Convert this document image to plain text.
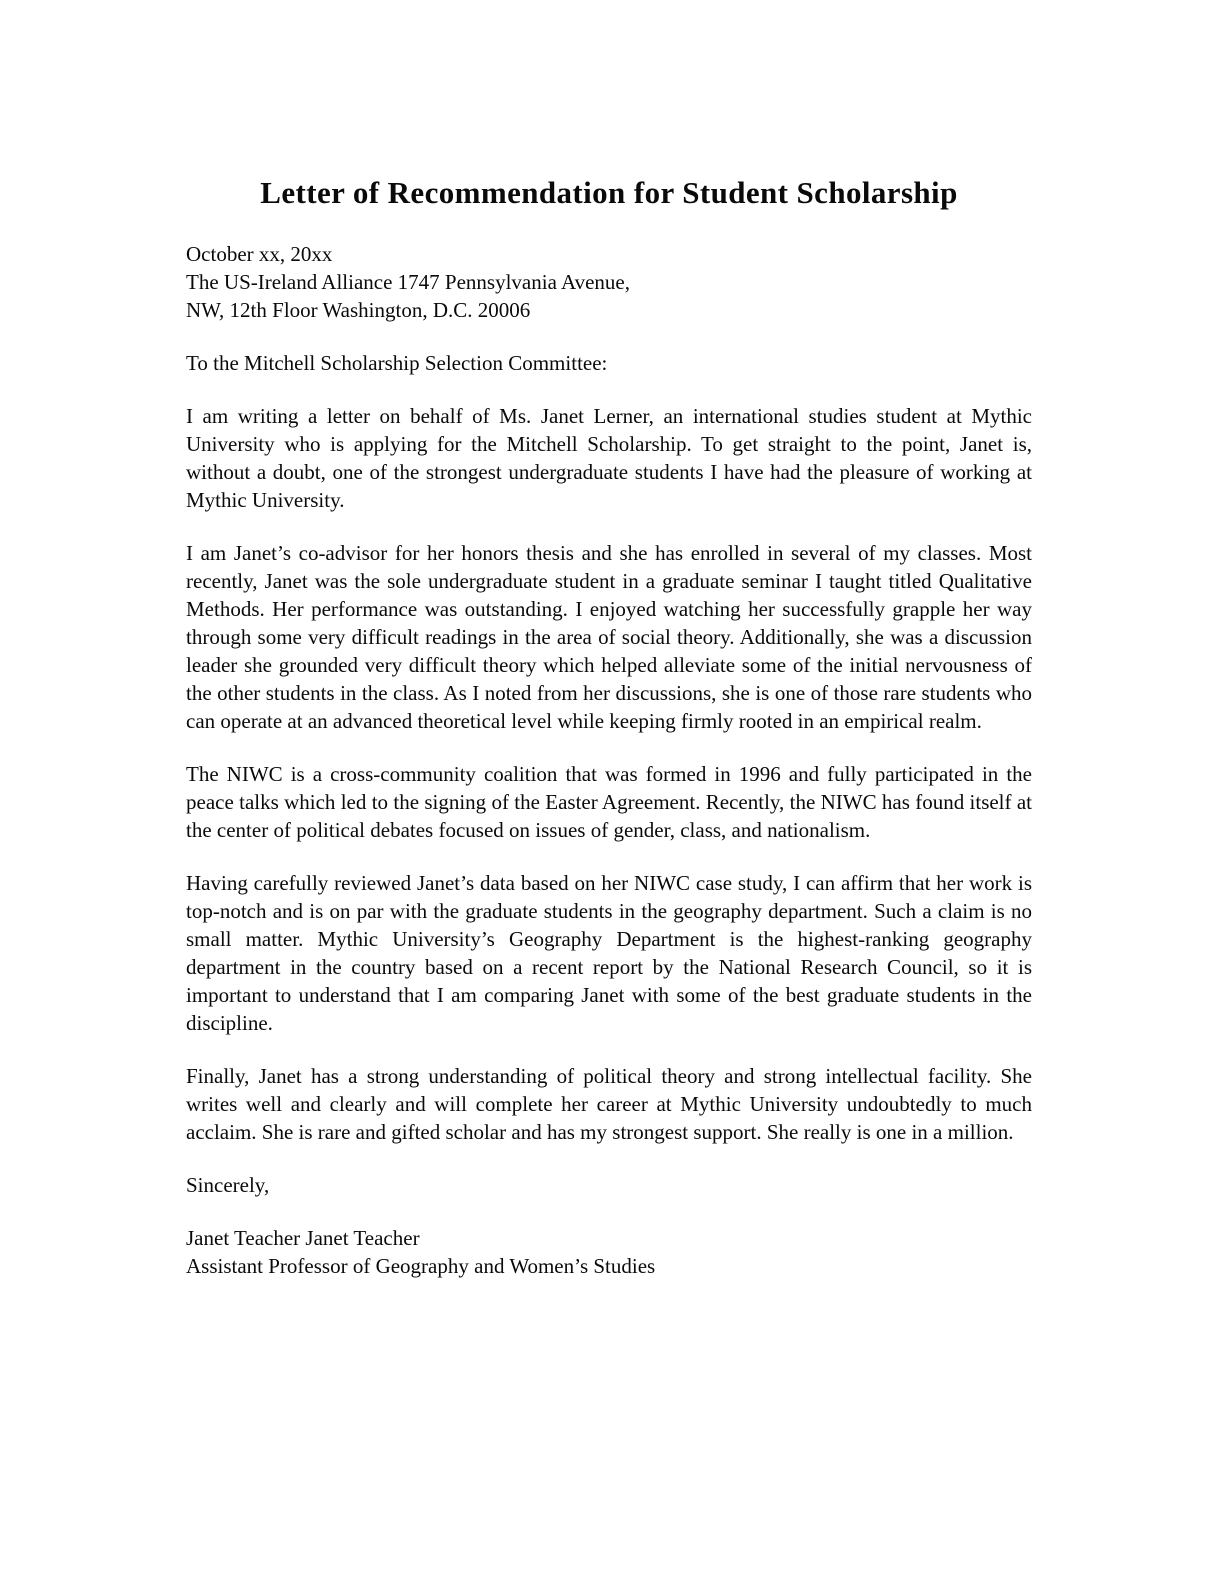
Letter of Recommendation for Student Scholarship
October xx, 20xx
The US-Ireland Alliance 1747 Pennsylvania Avenue,
NW, 12th Floor Washington, D.C. 20006
To the Mitchell Scholarship Selection Committee:

I am writing a letter on behalf of Ms. Janet Lerner, an international studies student at Mythic University who is applying for the Mitchell Scholarship. To get straight to the point, Janet is, without a doubt, one of the strongest undergraduate students I have had the pleasure of working at Mythic University.

I am Janet’s co-advisor for her honors thesis and she has enrolled in several of my classes. Most recently, Janet was the sole undergraduate student in a graduate seminar I taught titled Qualitative Methods. Her performance was outstanding. I enjoyed watching her successfully grapple her way through some very difficult readings in the area of social theory. Additionally, she was a discussion leader she grounded very difficult theory which helped alleviate some of the initial nervousness of the other students in the class. As I noted from her discussions, she is one of those rare students who can operate at an advanced theoretical level while keeping firmly rooted in an empirical realm.

The NIWC is a cross-community coalition that was formed in 1996 and fully participated in the peace talks which led to the signing of the Easter Agreement. Recently, the NIWC has found itself at the center of political debates focused on issues of gender, class, and nationalism.

Having carefully reviewed Janet’s data based on her NIWC case study, I can affirm that her work is top-notch and is on par with the graduate students in the geography department. Such a claim is no small matter. Mythic University’s Geography Department is the highest-ranking geography department in the country based on a recent report by the National Research Council, so it is important to understand that I am comparing Janet with some of the best graduate students in the discipline.

Finally, Janet has a strong understanding of political theory and strong intellectual facility. She writes well and clearly and will complete her career at Mythic University undoubtedly to much acclaim. She is rare and gifted scholar and has my strongest support. She really is one in a million.

Sincerely,
Janet Teacher Janet Teacher
Assistant Professor of Geography and Women’s Studies
